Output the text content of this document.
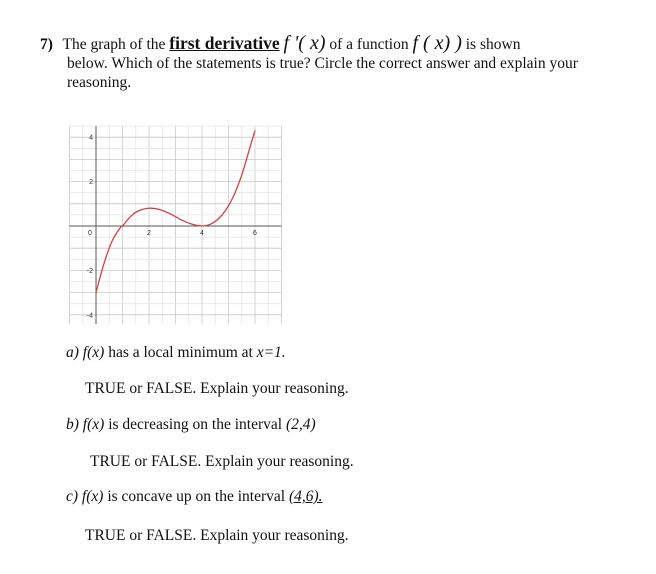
7) The graph of the first derivative f '( x) of a function f ( x) ) is shown
below. Which of the statements is true? Circle the correct answer and explain your
reasoning.
0	2	4	6
4
2
-2
-4
a) f(x) has a local minimum at x=1.
TRUE or FALSE. Explain your reasoning.
b) f(x) is decreasing on the interval (2,4)
TRUE or FALSE. Explain your reasoning.
c) f(x) is concave up on the interval (4,6).
TRUE or FALSE. Explain your reasoning.
